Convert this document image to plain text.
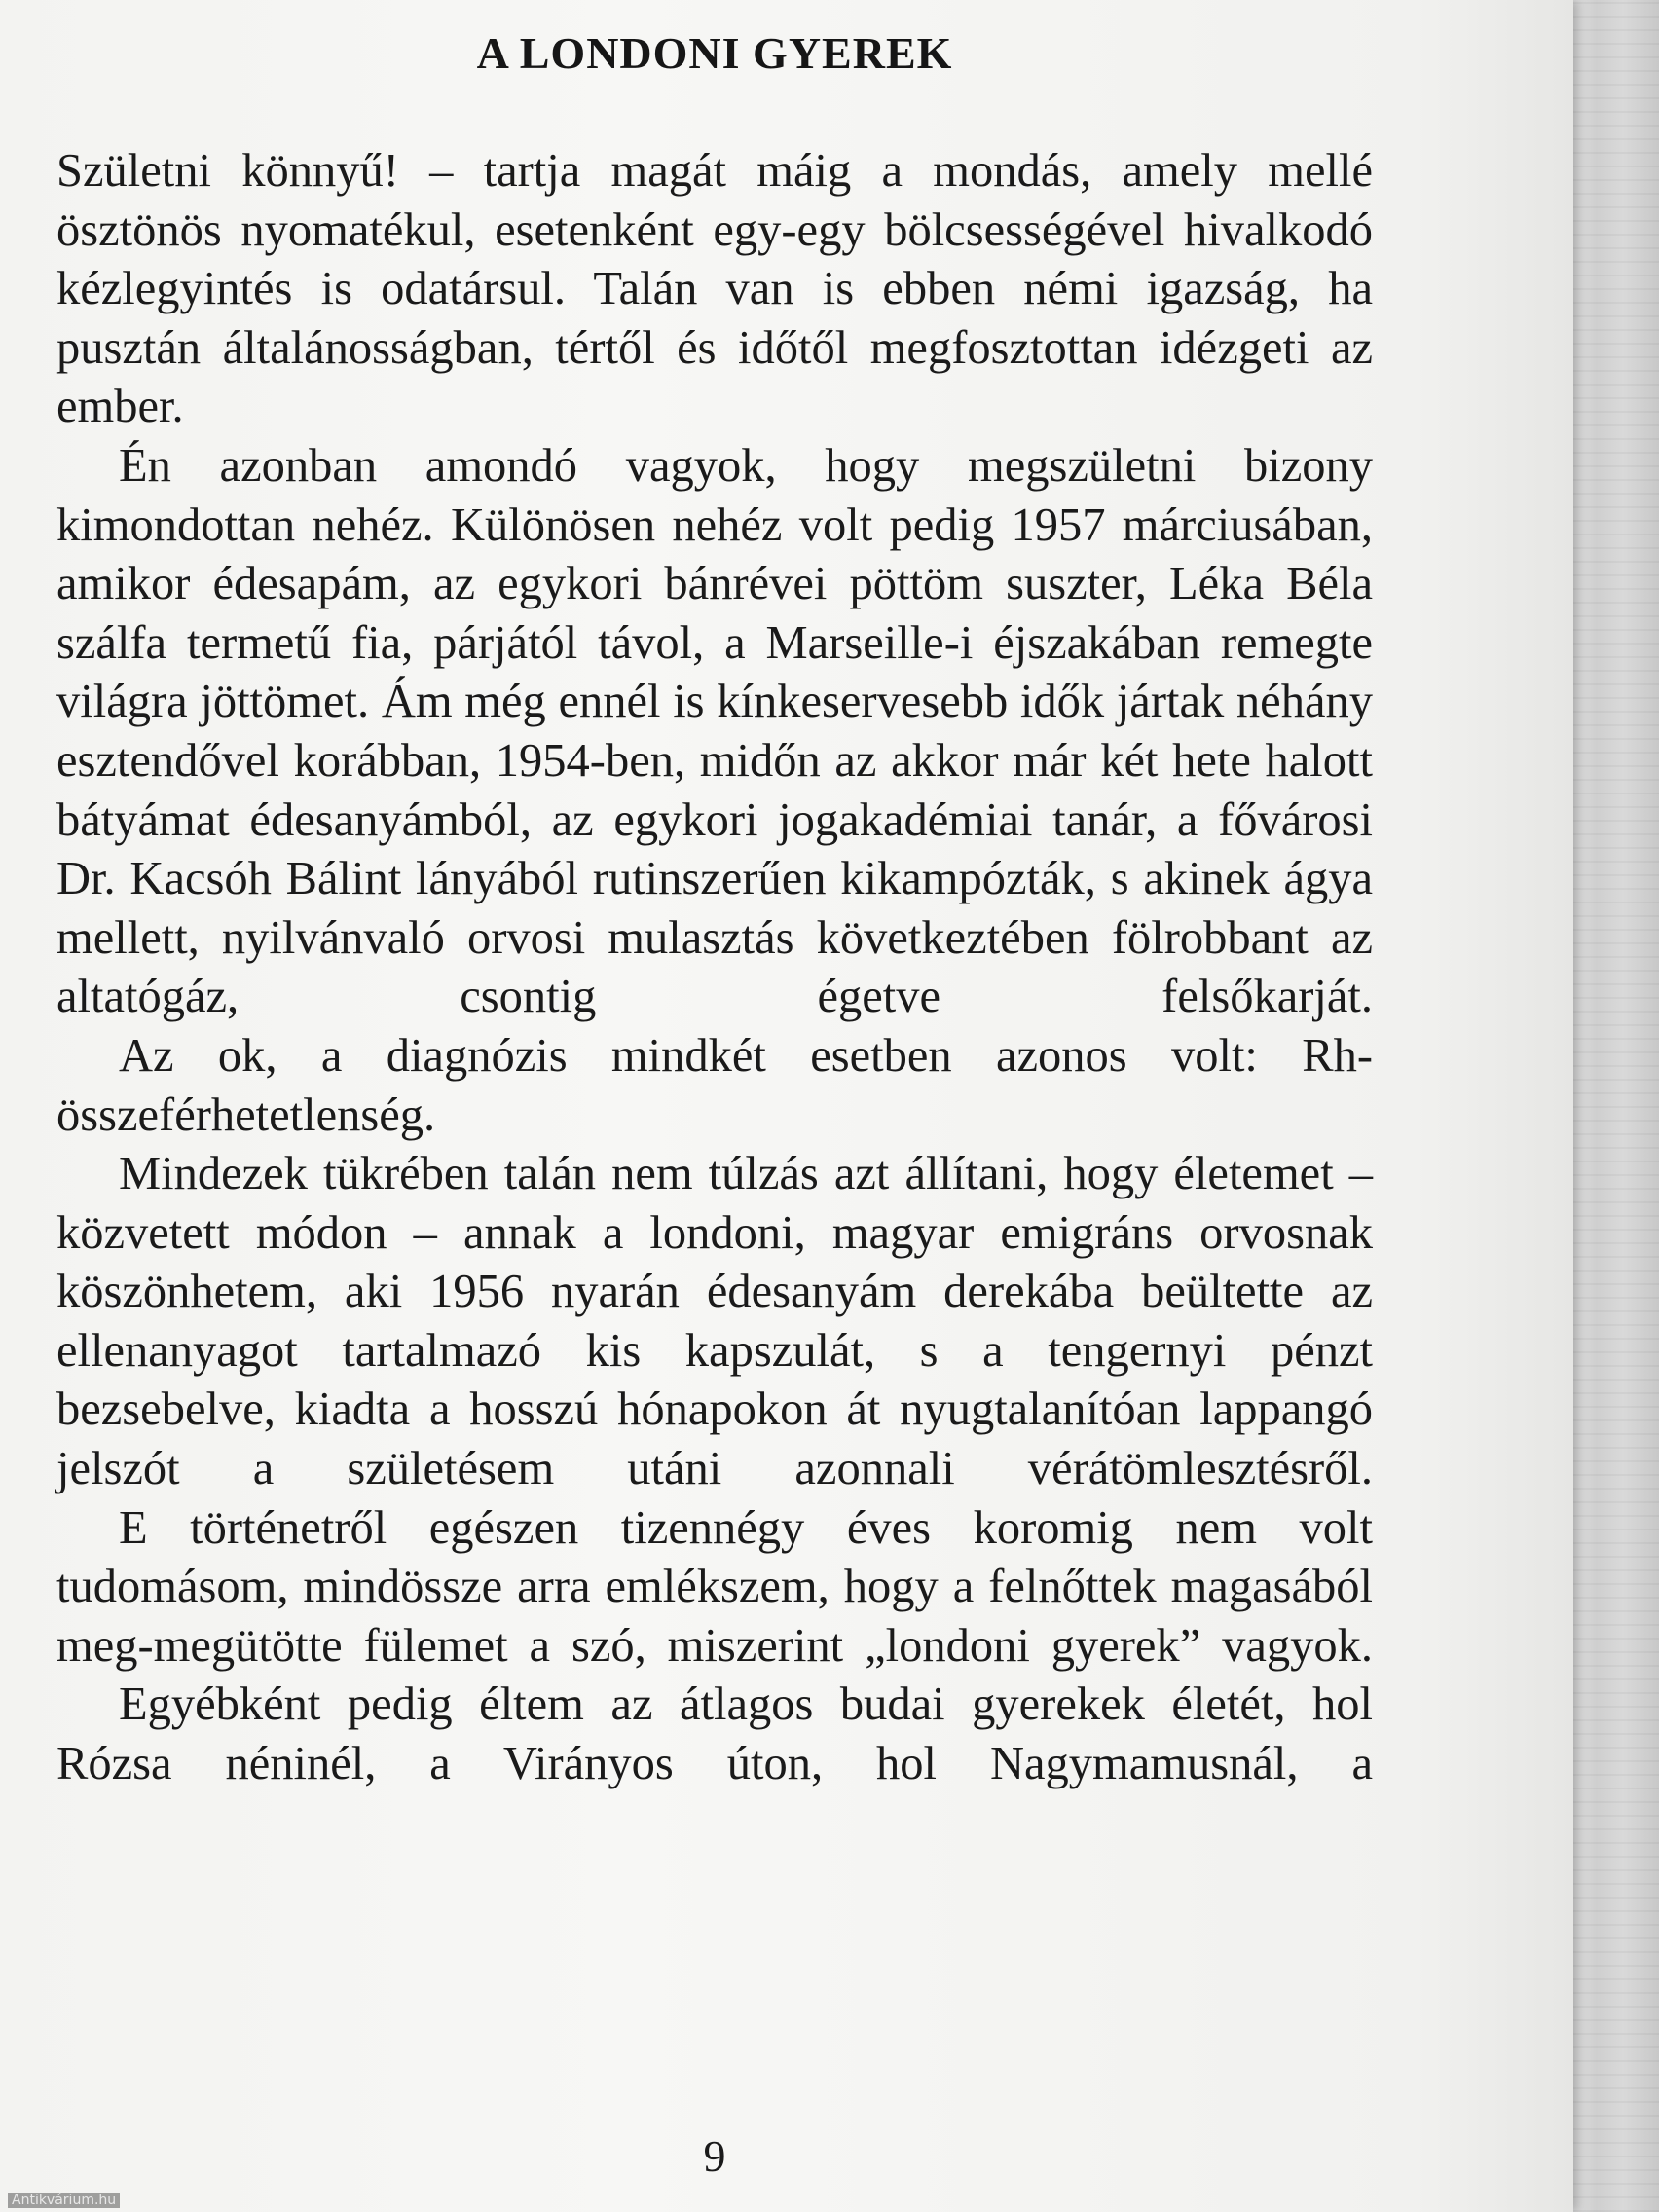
A LONDONI GYEREK

Születni könnyű! – tartja magát máig a mondás, amely mellé ösztönös nyomatékul, esetenként egy-egy bölcsességével hivalkodó kézlegyintés is odatársul. Talán van is ebben némi igazság, ha pusztán általánosságban, tértől és időtől megfosztottan idézgeti az ember.

Én azonban amondó vagyok, hogy megszületni bizony kimondottan nehéz. Különösen nehéz volt pedig 1957 márciusában, amikor édesapám, az egykori bánrévei pöttöm suszter, Léka Béla szálfa termetű fia, párjától távol, a Marseille-i éjszakában remegte világra jöttömet. Ám még ennél is kínkeservesebb idők jártak néhány esztendővel korábban, 1954-ben, midőn az akkor már két hete halott bátyámat édesanyámból, az egykori jogakadémiai tanár, a fővárosi Dr. Kacsóh Bálint lányából rutinszerűen kikampózták, s akinek ágya mellett, nyilvánvaló orvosi mulasztás következtében fölrobbant az altatógáz, csontig égetve felsőkarját.

Az ok, a diagnózis mindkét esetben azonos volt: Rh-összeférhetetlenség.

Mindezek tükrében talán nem túlzás azt állítani, hogy életemet – közvetett módon – annak a londoni, magyar emigráns orvosnak köszönhetem, aki 1956 nyarán édesanyám derekába beültette az ellenanyagot tartalmazó kis kapszulát, s a tengernyi pénzt bezsebelve, kiadta a hosszú hónapokon át nyugtalanítóan lappangó jelszót a születésem utáni azonnali vérátömlesztésről.

E történetről egészen tizennégy éves koromig nem volt tudomásom, mindössze arra emlékszem, hogy a felnőttek magasából meg-megütötte fülemet a szó, miszerint „londoni gyerek” vagyok.

Egyébként pedig éltem az átlagos budai gyerekek életét, hol Rózsa néninél, a Virányos úton, hol Nagymamusnál, a

9
Antikvárium.hu
